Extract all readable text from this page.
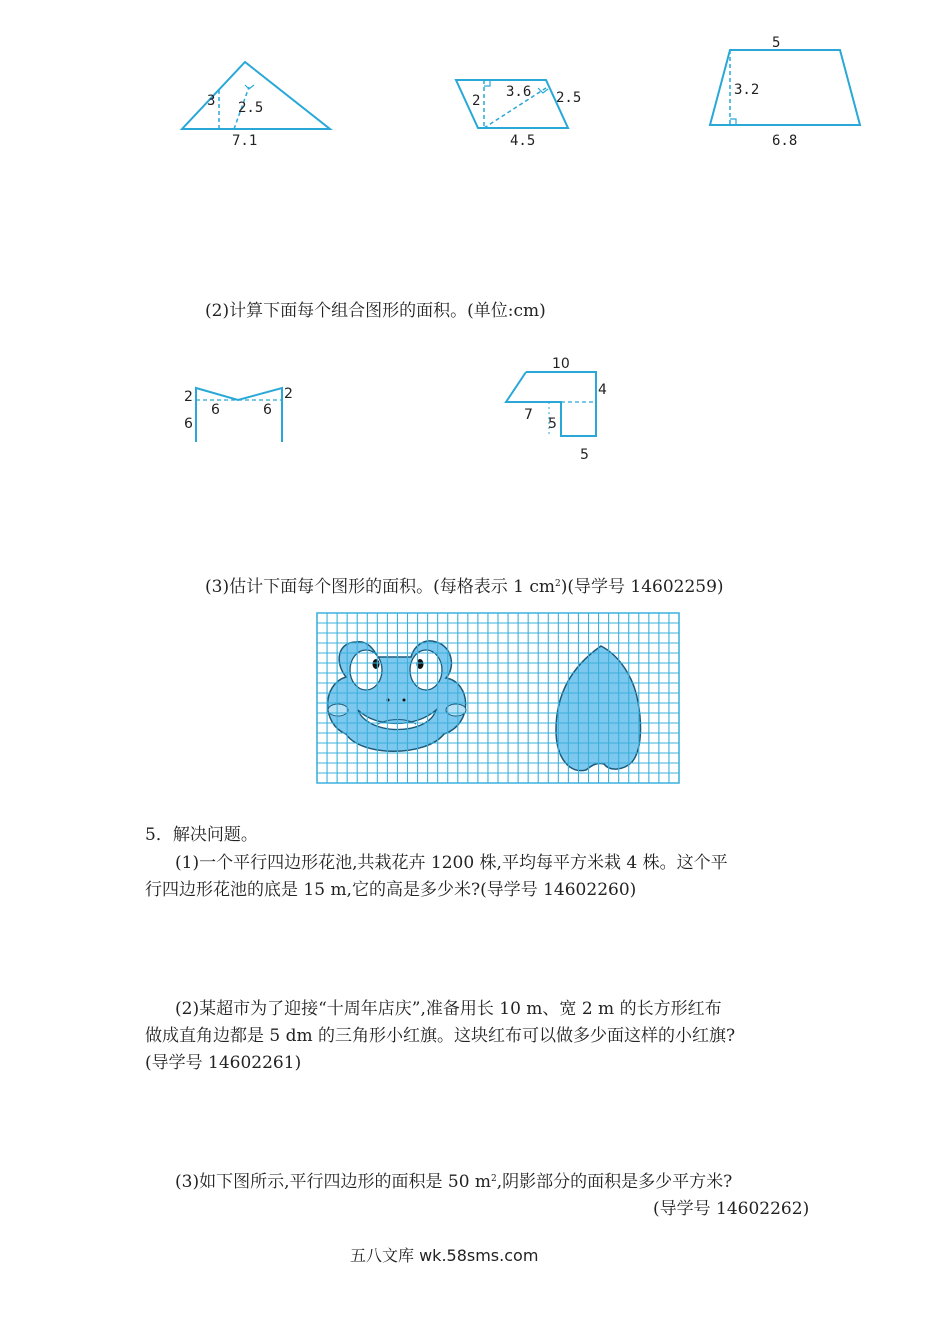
3 2.5
7.1
2
3.6 2.5
4.5
5
3.2
6.8
(2)计算下面每个组合图形的面积。(单位:cm)
2
6
6	6
2
10
4
7
5
5
(3)估计下面每个图形的面积。(每格表示 1 $cm^2$)(导学号 14602259)
5．解决问题。
(1)一个平行四边形花池,共栽花卉 1200 株,平均每平方米栽 4 株。这个平
行四边形花池的底是 15 m,它的高是多少米?(导学号 14602260)
(2)某超市为了迎接“十周年店庆”,准备用长 10 m、宽 2 m 的长方形红布
做成直角边都是 5 dm 的三角形小红旗。这块红布可以做多少面这样的小红旗?
(导学号 14602261)
(3)如下图所示,平行四边形的面积是 50 $m^2$,阴影部分的面积是多少平方米?
(导学号 14602262)
五八文库 wk.58sms.com
